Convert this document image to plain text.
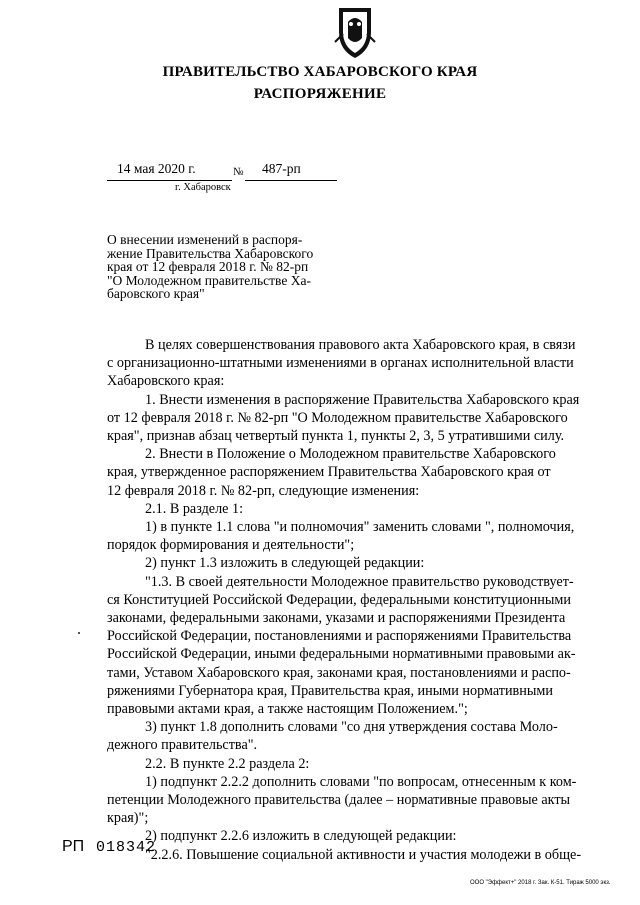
ПРАВИТЕЛЬСТВО ХАБАРОВСКОГО КРАЯ
РАСПОРЯЖЕНИЕ
14 мая 2020 г.	№ 487-рп
г. Хабаровск
О внесении изменений в распоря-
жение Правительства Хабаровского
края от 12 февраля 2018 г. № 82-рп
"О Молодежном правительстве Ха-
баровского края"
В целях совершенствования правового акта Хабаровского края, в связи
с организационно-штатными изменениями в органах исполнительной власти
Хабаровского края:
1. Внести изменения в распоряжение Правительства Хабаровского края
от 12 февраля 2018 г. № 82-рп "О Молодежном правительстве Хабаровского
края", признав абзац четвертый пункта 1, пункты 2, 3, 5 утратившими силу.
2. Внести в Положение о Молодежном правительстве Хабаровского
края, утвержденное распоряжением Правительства Хабаровского края от
12 февраля 2018 г. № 82-рп, следующие изменения:
2.1. В разделе 1:
1) в пункте 1.1 слова "и полномочия" заменить словами ", полномочия,
порядок формирования и деятельности";
2) пункт 1.3 изложить в следующей редакции:
"1.3. В своей деятельности Молодежное правительство руководствует-
ся Конституцией Российской Федерации, федеральными конституционными
законами, федеральными законами, указами и распоряжениями Президента
Российской Федерации, постановлениями и распоряжениями Правительства
Российской Федерации, иными федеральными нормативными правовыми ак-
тами, Уставом Хабаровского края, законами края, постановлениями и распо-
ряжениями Губернатора края, Правительства края, иными нормативными
правовыми актами края, а также настоящим Положением.";
3) пункт 1.8 дополнить словами "со дня утверждения состава Моло-
дежного правительства".
2.2. В пункте 2.2 раздела 2:
1) подпункт 2.2.2 дополнить словами "по вопросам, отнесенным к ком-
петенции Молодежного правительства (далее – нормативные правовые акты
края)";
2) подпункт 2.2.6 изложить в следующей редакции:
"2.2.6. Повышение социальной активности и участия молодежи в обще-
РП 018342
ООО "Эффект+" 2018 г. Зак. К-51. Тираж 5000 экз.
